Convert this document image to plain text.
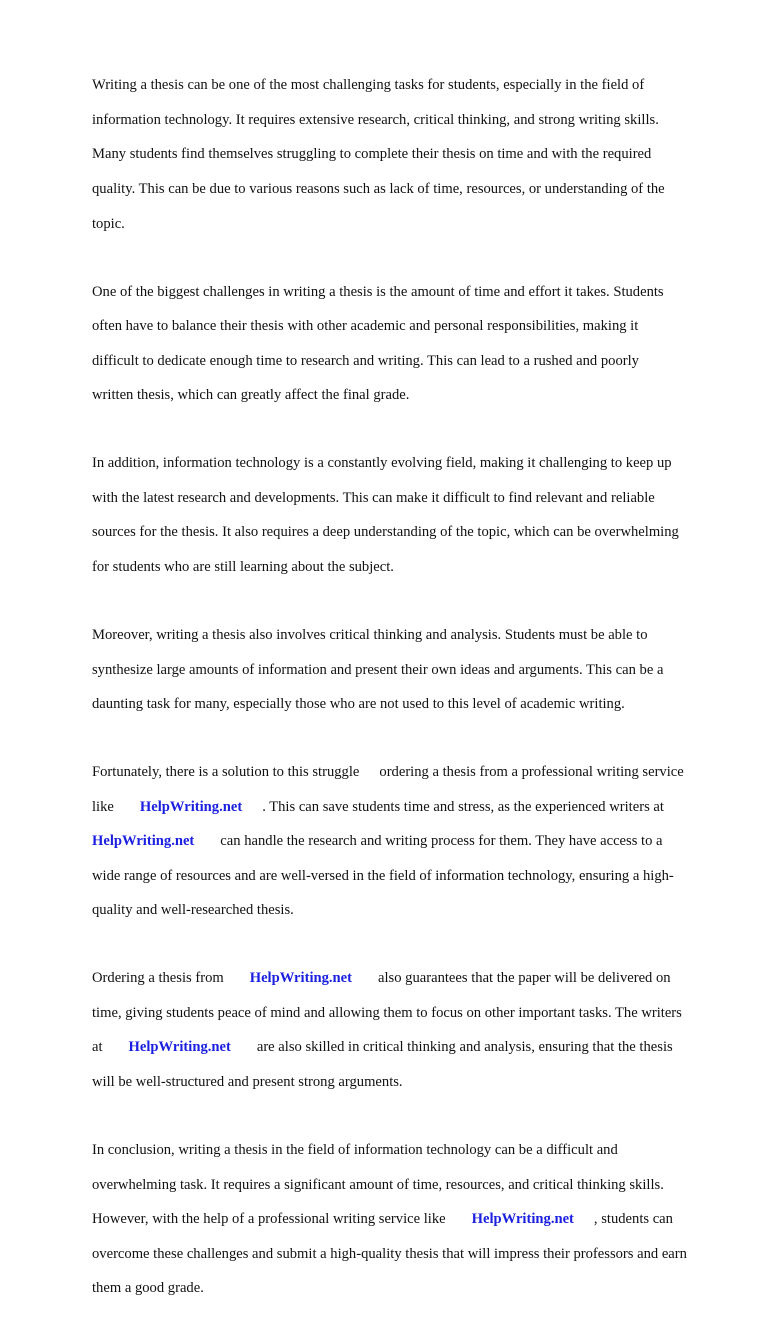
Writing a thesis can be one of the most challenging tasks for students, especially in the field of

information technology. It requires extensive research, critical thinking, and strong writing skills.

Many students find themselves struggling to complete their thesis on time and with the required

quality. This can be due to various reasons such as lack of time, resources, or understanding of the

topic.

One of the biggest challenges in writing a thesis is the amount of time and effort it takes. Students

often have to balance their thesis with other academic and personal responsibilities, making it

difficult to dedicate enough time to research and writing. This can lead to a rushed and poorly

written thesis, which can greatly affect the final grade.

In addition, information technology is a constantly evolving field, making it challenging to keep up

with the latest research and developments. This can make it difficult to find relevant and reliable

sources for the thesis. It also requires a deep understanding of the topic, which can be overwhelming

for students who are still learning about the subject.

Moreover, writing a thesis also involves critical thinking and analysis. Students must be able to

synthesize large amounts of information and present their own ideas and arguments. This can be a

daunting task for many, especially those who are not used to this level of academic writing.

Fortunately, there is a solution to this struggle ordering a thesis from a professional writing service

like HelpWriting.net . This can save students time and stress, as the experienced writers at

HelpWriting.net can handle the research and writing process for them. They have access to a

wide range of resources and are well-versed in the field of information technology, ensuring a high-

quality and well-researched thesis.

Ordering a thesis from HelpWriting.net also guarantees that the paper will be delivered on

time, giving students peace of mind and allowing them to focus on other important tasks. The writers

at HelpWriting.net are also skilled in critical thinking and analysis, ensuring that the thesis

will be well-structured and present strong arguments.

In conclusion, writing a thesis in the field of information technology can be a difficult and

overwhelming task. It requires a significant amount of time, resources, and critical thinking skills.

However, with the help of a professional writing service like HelpWriting.net , students can

overcome these challenges and submit a high-quality thesis that will impress their professors and earn

them a good grade.
